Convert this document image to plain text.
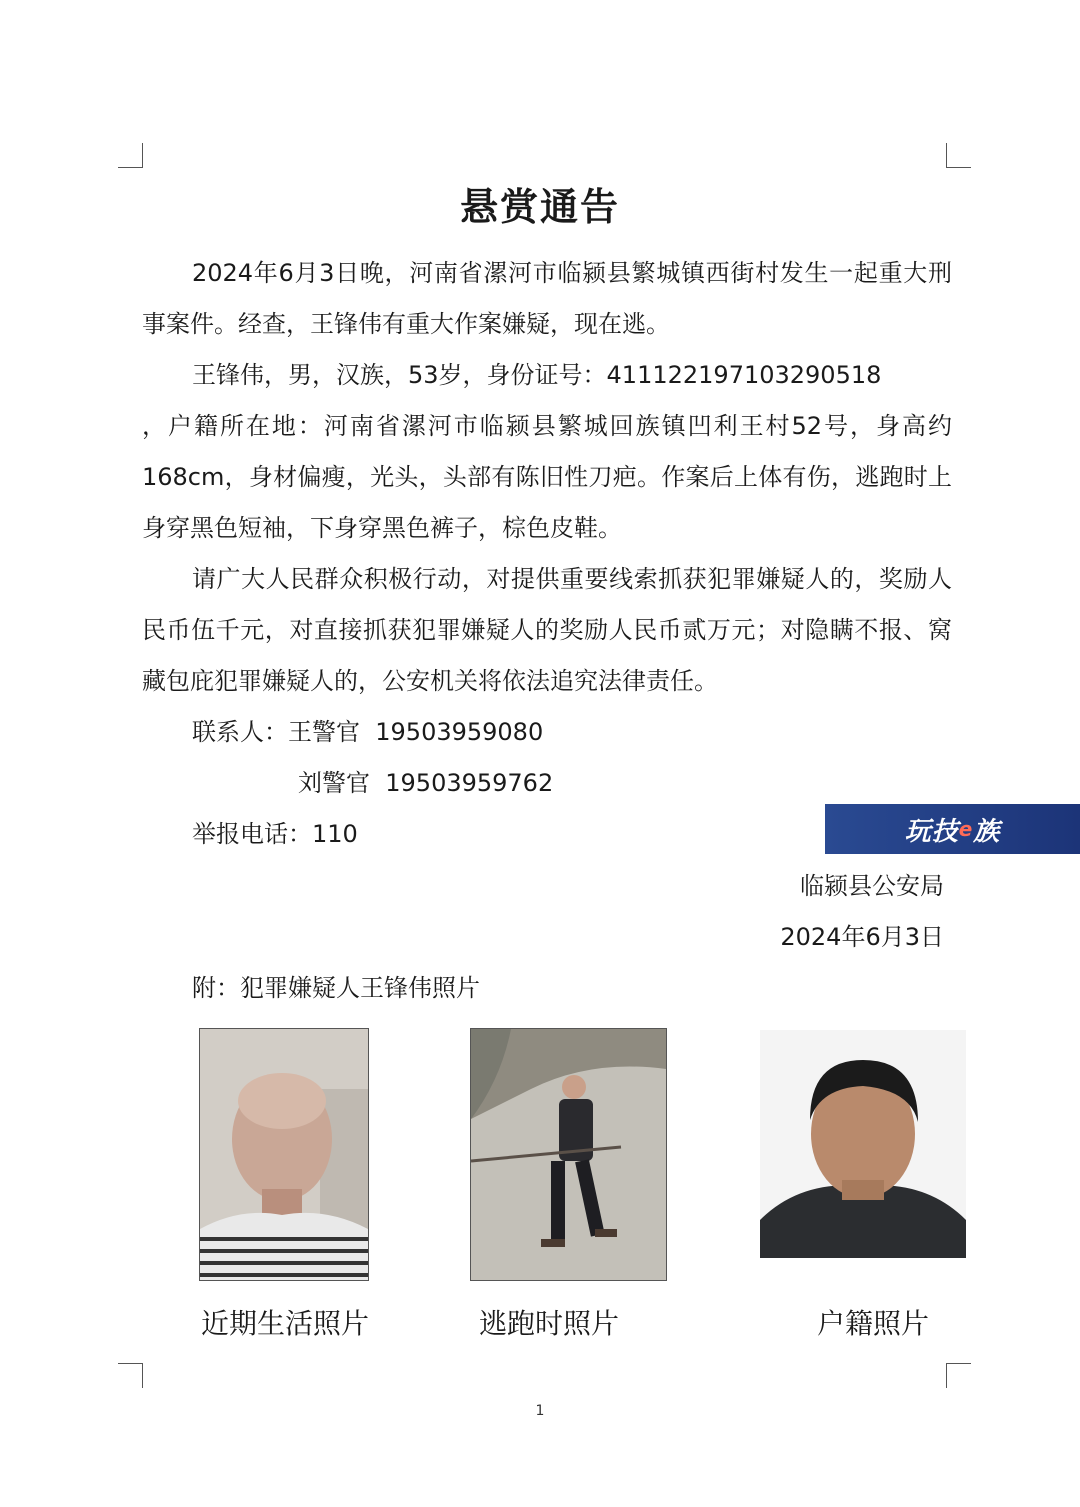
悬赏通告

2024年6月3日晚，河南省漯河市临颍县繁城镇西街村发生一起重大刑事案件。经查，王锋伟有重大作案嫌疑，现在逃。

王锋伟，男，汉族，53岁，身份证号：411122197103290518

，户籍所在地：河南省漯河市临颍县繁城回族镇凹利王村52号，身高约168cm，身材偏瘦，光头，头部有陈旧性刀疤。作案后上体有伤，逃跑时上身穿黑色短袖，下身穿黑色裤子，棕色皮鞋。

请广大人民群众积极行动，对提供重要线索抓获犯罪嫌疑人的，奖励人民币伍千元，对直接抓获犯罪嫌疑人的奖励人民币贰万元；对隐瞒不报、窝藏包庇犯罪嫌疑人的，公安机关将依法追究法律责任。

联系人：王警官  19503959080
刘警官  19503959762
举报电话：110	玩技 e 族
临颍县公安局
2024年6月3日
附：犯罪嫌疑人王锋伟照片
近期生活照片	逃跑时照片	户籍照片
1
